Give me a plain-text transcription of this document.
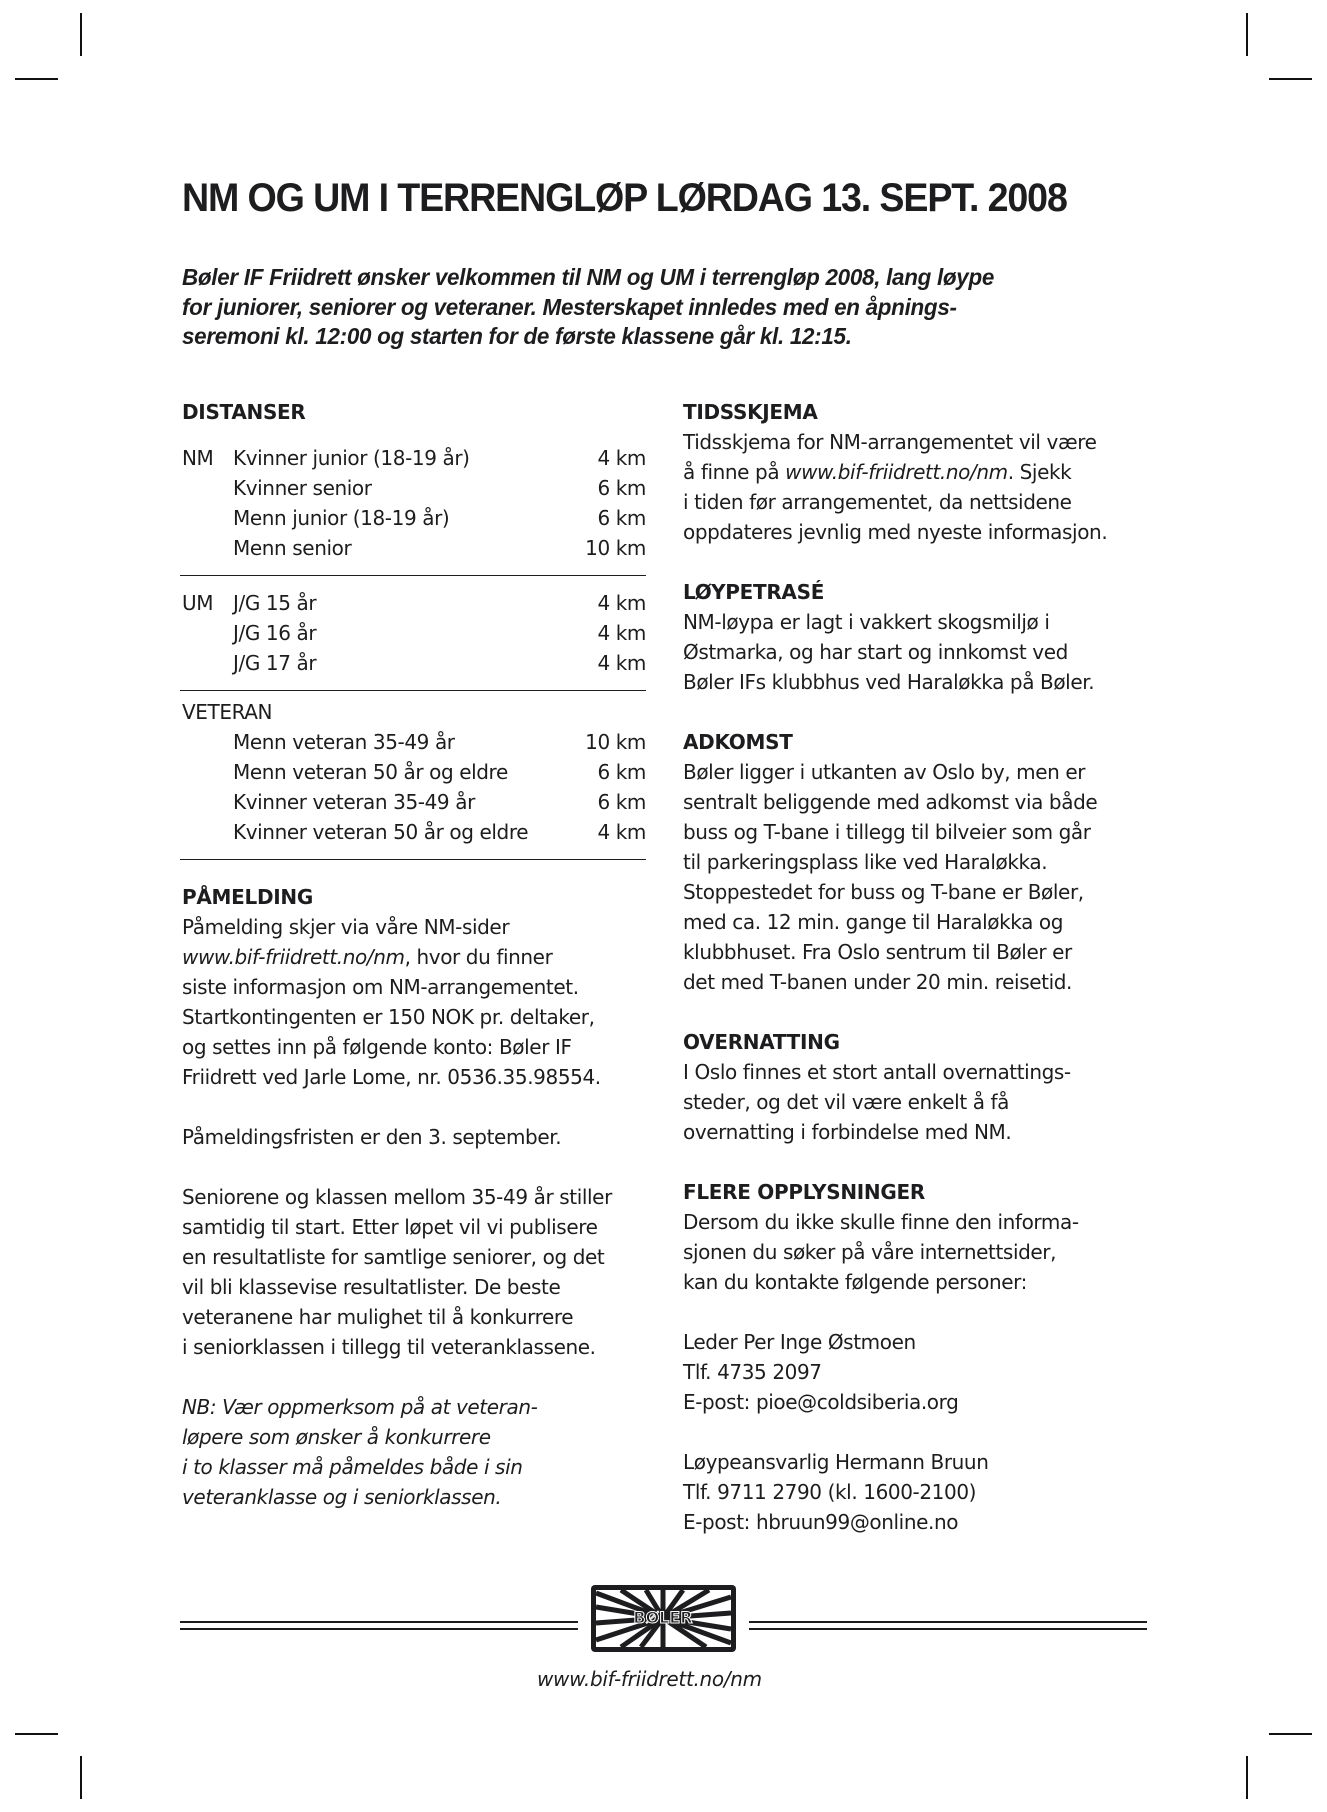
NM OG UM I TERRENGLØP LØRDAG 13. SEPT. 2008
Bøler IF Friidrett ønsker velkommen til NM og UM i terrengløp 2008, lang løype
for juniorer, seniorer og veteraner. Mesterskapet innledes med en åpnings-
seremoni kl. 12:00 og starten for de første klassene går kl. 12:15.
DISTANSER
NM Kvinner junior (18-19 år)	4 km
Kvinner senior	6 km
Menn junior (18-19 år)	6 km
Menn senior	10 km
UM J/G 15 år	4 km
J/G 16 år	4 km
J/G 17 år	4 km
VETERAN
Menn veteran 35-49 år	10 km
Menn veteran 50 år og eldre	6 km
Kvinner veteran 35-49 år	6 km
Kvinner veteran 50 år og eldre	4 km
PÅMELDING
Påmelding skjer via våre NM-sider
www.bif-friidrett.no/nm, hvor du finner
siste informasjon om NM-arrangementet.
Startkontingenten er 150 NOK pr. deltaker,
og settes inn på følgende konto: Bøler IF
Friidrett ved Jarle Lome, nr. 0536.35.98554.
Påmeldingsfristen er den 3. september.
Seniorene og klassen mellom 35-49 år stiller
samtidig til start. Etter løpet vil vi publisere
en resultatliste for samtlige seniorer, og det
vil bli klassevise resultatlister. De beste
veteranene har mulighet til å konkurrere
i seniorklassen i tillegg til veteranklassene.
NB: Vær oppmerksom på at veteran-
løpere som ønsker å konkurrere
i to klasser må påmeldes både i sin
veteranklasse og i seniorklassen.
TIDSSKJEMA
Tidsskjema for NM-arrangementet vil være
å finne på www.bif-friidrett.no/nm. Sjekk
i tiden før arrangementet, da nettsidene
oppdateres jevnlig med nyeste informasjon.
LØYPETRASÉ
NM-løypa er lagt i vakkert skogsmiljø i
Østmarka, og har start og innkomst ved
Bøler IFs klubbhus ved Haraløkka på Bøler.
ADKOMST
Bøler ligger i utkanten av Oslo by, men er
sentralt beliggende med adkomst via både
buss og T-bane i tillegg til bilveier som går
til parkeringsplass like ved Haraløkka.
Stoppestedet for buss og T-bane er Bøler,
med ca. 12 min. gange til Haraløkka og
klubbhuset. Fra Oslo sentrum til Bøler er
det med T-banen under 20 min. reisetid.
OVERNATTING
I Oslo finnes et stort antall overnattings-
steder, og det vil være enkelt å få
overnatting i forbindelse med NM.
FLERE OPPLYSNINGER
Dersom du ikke skulle finne den informa-
sjonen du søker på våre internettsider,
kan du kontakte følgende personer:
Leder Per Inge Østmoen
Tlf. 4735 2097
E-post: pioe@coldsiberia.org
Løypeansvarlig Hermann Bruun
Tlf. 9711 2790 (kl. 1600-2100)
E-post: hbruun99@online.no
BØLER
www.bif-friidrett.no/nm
